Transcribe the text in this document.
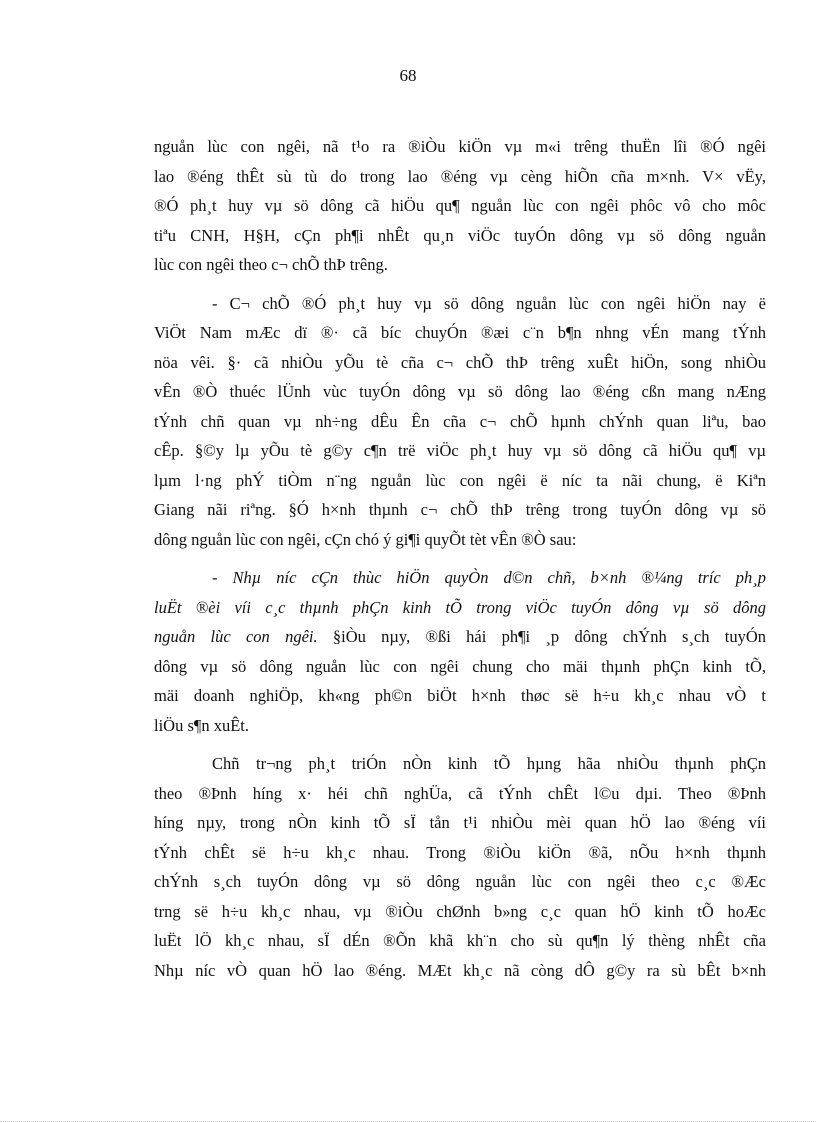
68
nguån lùc con ngêi, nã t¹o ra ®iÒu kiÖn vµ m«i trêng thuËn lîi ®Ó ngêi
lao ®éng thÊt sù tù do trong lao ®éng vµ cèng hiÕn cña m×nh. V× vËy,
®Ó ph¸t huy vµ sö dông cã hiÖu qu¶ nguån lùc con ngêi phôc vô cho môc
tiªu CNH, H§H, cÇn ph¶i nhÊt qu¸n viÖc tuyÓn dông vµ sö dông nguån
lùc con ngêi theo c¬ chÕ thÞ trêng.
- C¬ chÕ ®Ó ph¸t huy vµ sö dông nguån lùc con ngêi hiÖn nay ë
ViÖt Nam mÆc dï ®· cã bíc chuyÓn ®æi c¨n b¶n nhng vÉn mang tÝnh
nöa vêi. §· cã nhiÒu yÕu tè cña c¬ chÕ thÞ trêng xuÊt hiÖn, song nhiÒu
vÊn ®Ò thuéc lÜnh vùc tuyÓn dông vµ sö dông lao ®éng cßn mang nÆng
tÝnh chñ quan vµ nh÷ng dÊu Ên cña c¬ chÕ hµnh chÝnh quan liªu, bao
cÊp. §©y lµ yÕu tè g©y c¶n trë viÖc ph¸t huy vµ sö dông cã hiÖu qu¶ vµ
lµm l·ng phÝ tiÒm n¨ng nguån lùc con ngêi ë níc ta nãi chung, ë Kiªn
Giang nãi riªng. §Ó h×nh thµnh c¬ chÕ thÞ trêng trong tuyÓn dông vµ sö
dông nguån lùc con ngêi, cÇn chó ý gi¶i quyÕt tèt vÊn ®Ò sau:
- Nhµ níc cÇn thùc hiÖn quyÒn d©n chñ, b×nh ®¼ng tríc ph¸p
luËt ®èi víi c¸c thµnh phÇn kinh tÕ trong viÖc tuyÓn dông vµ sö dông
nguån lùc con ngêi. §iÒu nµy, ®ßi hái ph¶i ¸p dông chÝnh s¸ch tuyÓn
dông vµ sö dông nguån lùc con ngêi chung cho mäi thµnh phÇn kinh tÕ,
mäi doanh nghiÖp, kh«ng ph©n biÖt h×nh thøc së h÷u kh¸c nhau vÒ t
liÖu s¶n xuÊt.
Chñ tr¬ng ph¸t triÓn nÒn kinh tÕ hµng hãa nhiÒu thµnh phÇn
theo ®Þnh híng x· héi chñ nghÜa, cã tÝnh chÊt l©u dµi. Theo ®Þnh
híng nµy, trong nÒn kinh tÕ sÏ tån t¹i nhiÒu mèi quan hÖ lao ®éng víi
tÝnh chÊt së h÷u kh¸c nhau. Trong ®iÒu kiÖn ®ã, nÕu h×nh thµnh
chÝnh s¸ch tuyÓn dông vµ sö dông nguån lùc con ngêi theo c¸c ®Æc
trng së h÷u kh¸c nhau, vµ ®iÒu chØnh b»ng c¸c quan hÖ kinh tÕ hoÆc
luËt lÖ kh¸c nhau, sÏ dÉn ®Õn khã kh¨n cho sù qu¶n lý thèng nhÊt cña
Nhµ níc vÒ quan hÖ lao ®éng. MÆt kh¸c nã còng dÔ g©y ra sù bÊt b×nh
